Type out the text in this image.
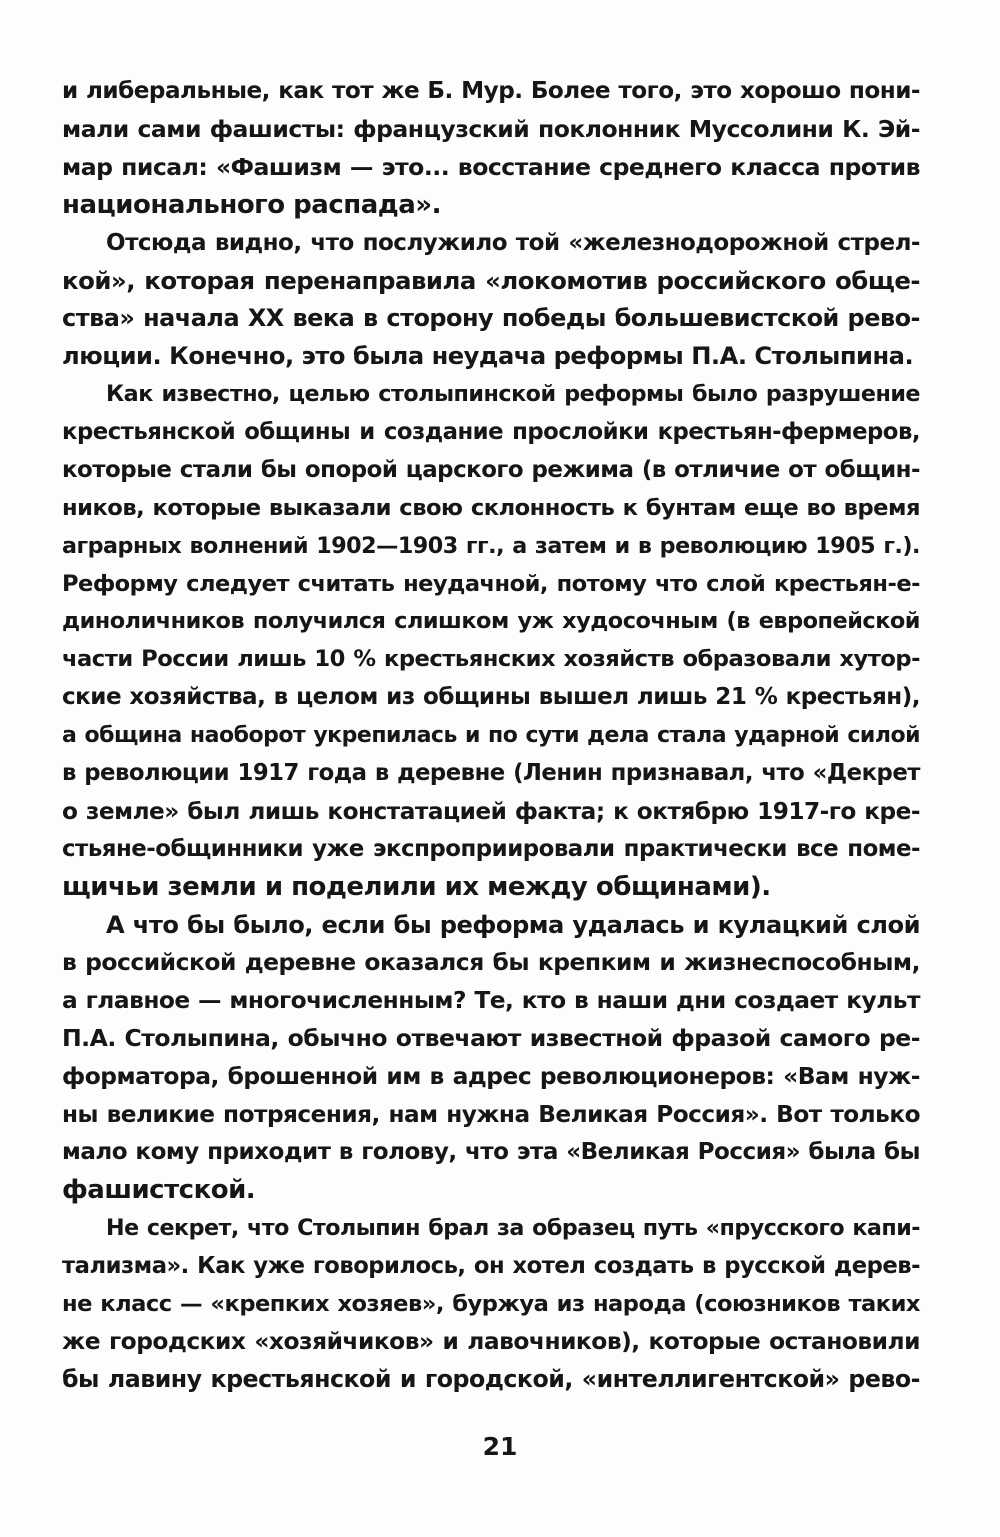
и либеральные, как тот же Б. Мур. Более того, это хорошо пони-
мали сами фашисты: французский поклонник Муссолини К. Эй-
мар писал: «Фашизм — это... восстание среднего класса против
национального распада».

Отсюда видно, что послужило той «железнодорожной стрел-
кой», которая перенаправила «локомотив российского обще-
ства» начала XX века в сторону победы большевистской рево-
люции. Конечно, это была неудача реформы П.А. Столыпина.

Как известно, целью столыпинской реформы было разрушение
крестьянской общины и создание прослойки крестьян-фермеров,
которые стали бы опорой царского режима (в отличие от общин-
ников, которые выказали свою склонность к бунтам еще во время
аграрных волнений 1902—1903 гг., а затем и в революцию 1905 г.).
Реформу следует считать неудачной, потому что слой крестьян-е-
диноличников получился слишком уж худосочным (в европейской
части России лишь 10 % крестьянских хозяйств образовали хутор-
ские хозяйства, в целом из общины вышел лишь 21 % крестьян),
а община наоборот укрепилась и по сути дела стала ударной силой
в революции 1917 года в деревне (Ленин признавал, что «Декрет
о земле» был лишь констатацией факта; к октябрю 1917-го кре-
стьяне-общинники уже экспроприировали практически все поме-
щичьи земли и поделили их между общинами).

А что бы было, если бы реформа удалась и кулацкий слой
в российской деревне оказался бы крепким и жизнеспособным,
а главное — многочисленным? Те, кто в наши дни создает культ
П.А. Столыпина, обычно отвечают известной фразой самого ре-
форматора, брошенной им в адрес революционеров: «Вам нуж-
ны великие потрясения, нам нужна Великая Россия». Вот только
мало кому приходит в голову, что эта «Великая Россия» была бы
фашистской.

Не секрет, что Столыпин брал за образец путь «прусского капи-
тализма». Как уже говорилось, он хотел создать в русской дерев-
не класс — «крепких хозяев», буржуа из народа (союзников таких
же городских «хозяйчиков» и лавочников), которые остановили
бы лавину крестьянской и городской, «интеллигентской» рево-

21
